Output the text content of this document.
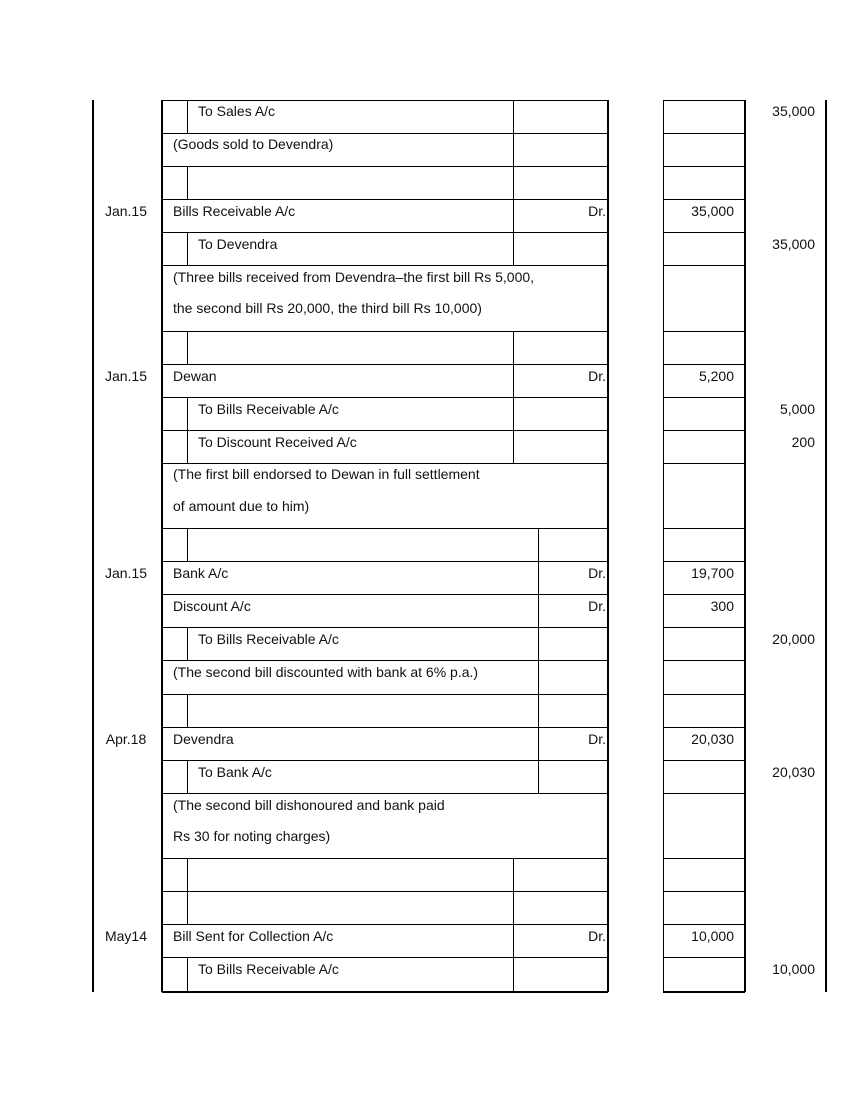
To Sales A/c	35,000
(Goods sold to Devendra)
Jan.15	Bills Receivable A/c	Dr.	35,000
To Devendra	35,000
(Three bills received from Devendra–the first bill Rs 5,000,
the second bill Rs 20,000, the third bill Rs 10,000)
Jan.15	Dewan	Dr.	5,200
To Bills Receivable A/c	5,000
To Discount Received A/c	200
(The first bill endorsed to Dewan in full settlement
of amount due to him)
Jan.15	Bank A/c	Dr.	19,700
Discount A/c	Dr.	300
To Bills Receivable A/c	20,000
(The second bill discounted with bank at 6% p.a.)
Apr.18	Devendra	Dr.	20,030
To Bank A/c	20,030
(The second bill dishonoured and bank paid
Rs 30 for noting charges)
May14	Bill Sent for Collection A/c	Dr.	10,000
To Bills Receivable A/c	10,000
